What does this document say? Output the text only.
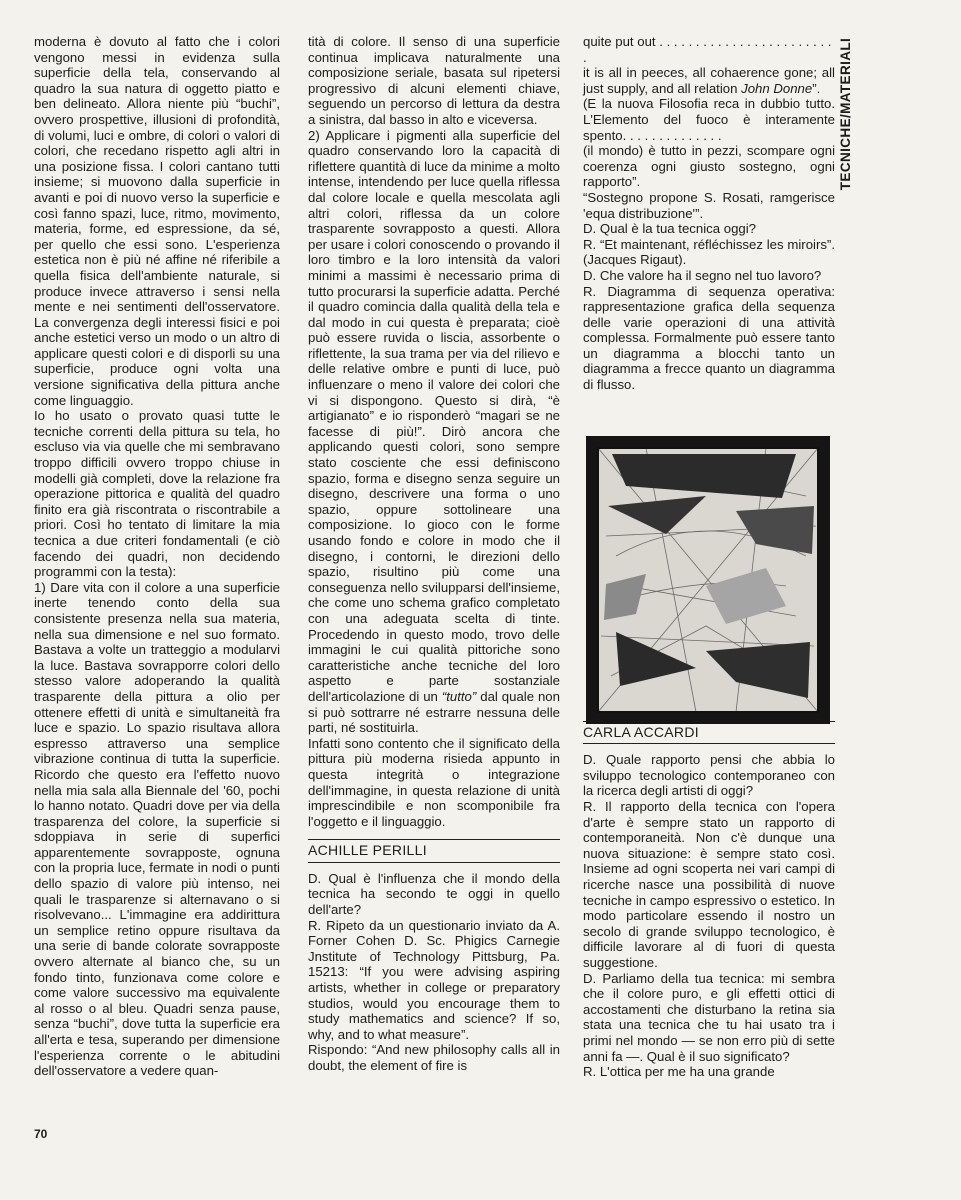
moderna è dovuto al fatto che i colori vengono messi in evidenza sulla superficie della tela, conservando al quadro la sua natura di oggetto piatto e ben delineato. Allora niente più “buchi”, ovvero prospettive, illusioni di profondità, di volumi, luci e ombre, di colori o valori di colori, che recedano rispetto agli altri in una posizione fissa. I colori cantano tutti insieme; si muovono dalla superficie in avanti e poi di nuovo verso la superficie e così fanno spazi, luce, ritmo, movimento, materia, forme, ed espressione, da sé, per quello che essi sono. L'esperienza estetica non è più né affine né riferibile a quella fisica dell'ambiente naturale, si produce invece attraverso i sensi nella mente e nei sentimenti dell'osservatore. La convergenza degli interessi fisici e poi anche estetici verso un modo o un altro di applicare questi colori e di disporli su una superficie, produce ogni volta una versione significativa della pittura anche come linguaggio.

Io ho usato o provato quasi tutte le tecniche correnti della pittura su tela, ho escluso via via quelle che mi sembravano troppo difficili ovvero troppo chiuse in modelli già completi, dove la relazione fra operazione pittorica e qualità del quadro finito era già riscontrata o riscontrabile a priori. Così ho tentato di limitare la mia tecnica a due criteri fondamentali (e ciò facendo dei quadri, non decidendo programmi con la testa):

1) Dare vita con il colore a una superficie inerte tenendo conto della sua consistente presenza nella sua materia, nella sua dimensione e nel suo formato. Bastava a volte un tratteggio a modularvi la luce. Bastava sovrapporre colori dello stesso valore adoperando la qualità trasparente della pittura a olio per ottenere effetti di unità e simultaneità fra luce e spazio. Lo spazio risultava allora espresso attraverso una semplice vibrazione continua di tutta la superficie. Ricordo che questo era l'effetto nuovo nella mia sala alla Biennale del '60, pochi lo hanno notato. Quadri dove per via della trasparenza del colore, la superficie si sdoppiava in serie di superfici apparentemente sovrapposte, ognuna con la propria luce, fermate in nodi o punti dello spazio di valore più intenso, nei quali le trasparenze si alternavano o si risolvevano... L'immagine era addirittura un semplice retino oppure risultava da una serie di bande colorate sovrapposte ovvero alternate al bianco che, su un fondo tinto, funzionava come colore e come valore successivo ma equivalente al rosso o al bleu. Quadri senza pause, senza “buchi”, dove tutta la superficie era all'erta e tesa, superando per dimensione l'esperienza corrente o le abitudini dell'osservatore a vedere quan-

tità di colore. Il senso di una superficie continua implicava naturalmente una composizione seriale, basata sul ripetersi progressivo di alcuni elementi chiave, seguendo un percorso di lettura da destra a sinistra, dal basso in alto e viceversa.

2) Applicare i pigmenti alla superficie del quadro conservando loro la capacità di riflettere quantità di luce da minime a molto intense, intendendo per luce quella riflessa dal colore locale e quella mescolata agli altri colori, riflessa da un colore trasparente sovrapposto a questi. Allora per usare i colori conoscendo o provando il loro timbro e la loro intensità da valori minimi a massimi è necessario prima di tutto procurarsi la superficie adatta. Perché il quadro comincia dalla qualità della tela e dal modo in cui questa è preparata; cioè può essere ruvida o liscia, assorbente o riflettente, la sua trama per via del rilievo e delle relative ombre e punti di luce, può influenzare o meno il valore dei colori che vi si dispongono. Questo si dirà, “è artigianato” e io risponderò “magari se ne facesse di più!”. Dirò ancora che applicando questi colori, sono sempre stato cosciente che essi definiscono spazio, forma e disegno senza seguire un disegno, descrivere una forma o uno spazio, oppure sottolineare una composizione. Io gioco con le forme usando fondo e colore in modo che il disegno, i contorni, le direzioni dello spazio, risultino più come una conseguenza nello svilupparsi dell'insieme, che come uno schema grafico completato con una adeguata scelta di tinte. Procedendo in questo modo, trovo delle immagini le cui qualità pittoriche sono caratteristiche anche tecniche del loro aspetto e parte sostanziale dell'articolazione di un “tutto” dal quale non si può sottrarre né estrarre nessuna delle parti, né sostituirla.

Infatti sono contento che il significato della pittura più moderna risieda appunto in questa integrità o integrazione dell'immagine, in questa relazione di unità imprescindibile e non scomponibile fra l'oggetto e il linguaggio.

ACHILLE PERILLI

D. Qual è l'influenza che il mondo della tecnica ha secondo te oggi in quello dell'arte?

R. Ripeto da un questionario inviato da A. Forner Cohen D. Sc. Phigics Carnegie Jnstitute of Technology Pittsburg, Pa. 15213: “If you were advising aspiring artists, whether in college or preparatory studios, would you encourage them to study mathematics and science? If so, why, and to what measure”.

Rispondo: “And new philosophy calls all in doubt, the element of fire is

quite put out . . . . . . . . . . . . . . . . . . . . . . . . .

it is all in peeces, all cohaerence gone; all just supply, and all relation John Donne”.

(E la nuova Filosofia reca in dubbio tutto. L'Elemento del fuoco è interamente spento. . . . . . . . . . . . . .

(il mondo) è tutto in pezzi, scompare ogni coerenza ogni giusto sostegno, ogni rapporto”.

“Sostegno propone S. Rosati, ramgerisce 'equa distribuzione'”.

D. Qual è la tua tecnica oggi?

R. “Et maintenant, réfléchissez les miroirs”. (Jacques Rigaut).

D. Che valore ha il segno nel tuo lavoro?

R. Diagramma di sequenza operativa: rappresentazione grafica della sequenza delle varie operazioni di una attività complessa. Formalmente può essere tanto un diagramma a blocchi tanto un diagramma a frecce quanto un diagramma di flusso.

CARLA ACCARDI

D. Quale rapporto pensi che abbia lo sviluppo tecnologico contemporaneo con la ricerca degli artisti di oggi?

R. Il rapporto della tecnica con l'opera d'arte è sempre stato un rapporto di contemporaneità. Non c'è dunque una nuova situazione: è sempre stato così. Insieme ad ogni scoperta nei vari campi di ricerche nasce una possibilità di nuove tecniche in campo espressivo o estetico. In modo particolare essendo il nostro un secolo di grande sviluppo tecnologico, è difficile lavorare al di fuori di questa suggestione.

D. Parliamo della tua tecnica: mi sembra che il colore puro, e gli effetti ottici di accostamenti che disturbano la retina sia stata una tecnica che tu hai usato tra i primi nel mondo — se non erro più di sette anni fa —. Qual è il suo significato?

R. L'ottica per me ha una grande

TECNICHE/MATERIALI
70
